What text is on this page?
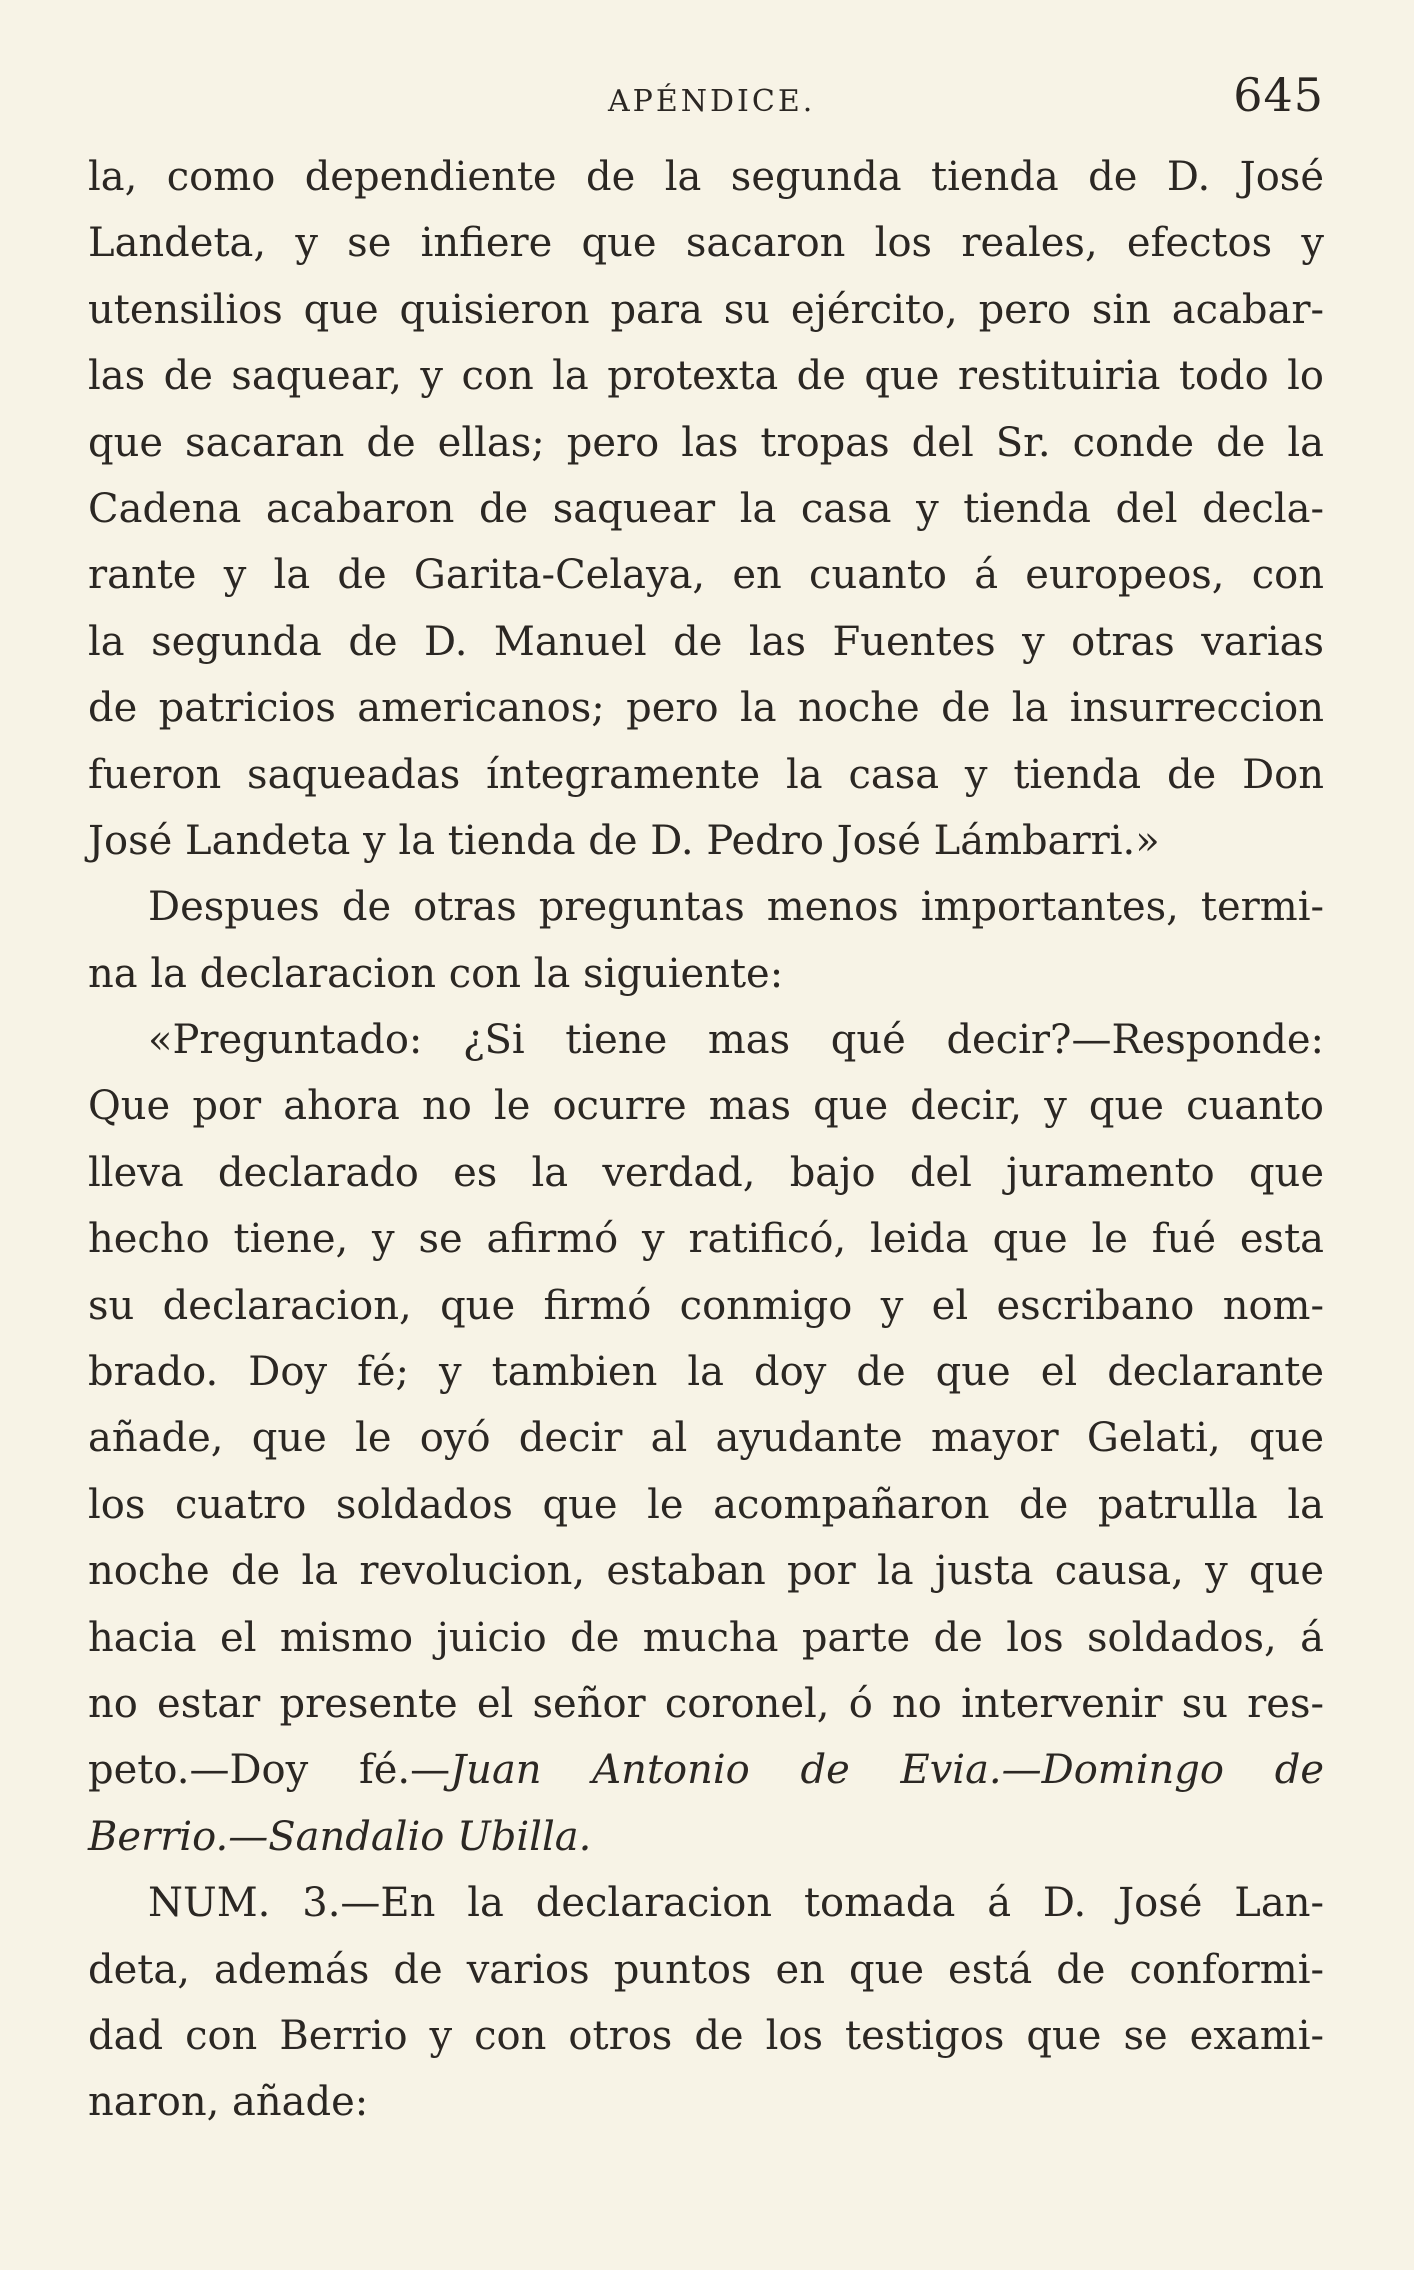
APÉNDICE.	645
la, como dependiente de la segunda tienda de D. José
Landeta, y se infiere que sacaron los reales, efectos y
utensilios que quisieron para su ejército, pero sin acabar-
las de saquear, y con la protexta de que restituiria todo lo
que sacaran de ellas; pero las tropas del Sr. conde de la
Cadena acabaron de saquear la casa y tienda del decla-
rante y la de Garita-Celaya, en cuanto á europeos, con
la segunda de D. Manuel de las Fuentes y otras varias
de patricios americanos; pero la noche de la insurreccion
fueron saqueadas íntegramente la casa y tienda de Don
José Landeta y la tienda de D. Pedro José Lámbarri.»
Despues de otras preguntas menos importantes, termi-
na la declaracion con la siguiente:
«Preguntado: ¿Si tiene mas qué decir?—Responde:
Que por ahora no le ocurre mas que decir, y que cuanto
lleva declarado es la verdad, bajo del juramento que
hecho tiene, y se afirmó y ratificó, leida que le fué esta
su declaracion, que firmó conmigo y el escribano nom-
brado. Doy fé; y tambien la doy de que el declarante
añade, que le oyó decir al ayudante mayor Gelati, que
los cuatro soldados que le acompañaron de patrulla la
noche de la revolucion, estaban por la justa causa, y que
hacia el mismo juicio de mucha parte de los soldados, á
no estar presente el señor coronel, ó no intervenir su res-
peto.—Doy fé.—Juan Antonio de Evia.—Domingo de
Berrio.—Sandalio Ubilla.
NUM. 3.—En la declaracion tomada á D. José Lan-
deta, además de varios puntos en que está de conformi-
dad con Berrio y con otros de los testigos que se exami-
naron, añade:
